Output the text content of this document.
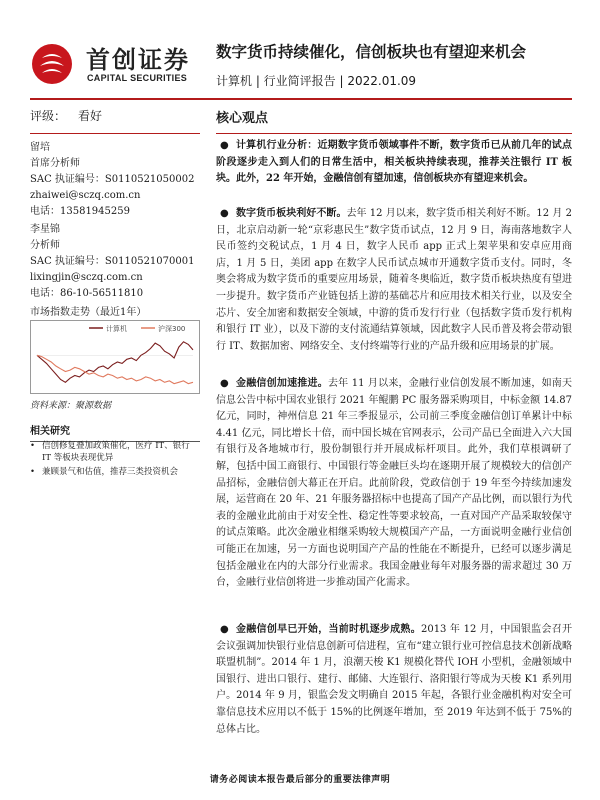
首创证券
CAPITAL SECURITIES
数字货币持续催化，信创板块也有望迎来机会
计算机 | 行业简评报告 | 2022.01.09
评级： 看好	核心观点
留培
首席分析师
SAC 执证编号：S0110521050002
zhaiwei@sczq.com.cn
电话：13581945259
李星锦
分析师
SAC 执证编号：S0110521070001
lixingjin@sczq.com.cn
电话：86-10-56511810
市场指数走势（最近1年）
计算机	沪深300
资料来源：聚源数据
相关研究
• 信创修复叠加政策催化，医疗 IT、银行 IT 等板块表现优异
• 兼顾景气和估值，推荐三类投资机会
● 计算机行业分析：近期数字货币领域事件不断，数字货币已从前几年的试点阶段逐步走入到人们的日常生活中，相关板块持续表现，推荐关注银行 IT 板块。此外，22 年开始，金融信创有望加速，信创板块亦有望迎来机会。
● 数字货币板块利好不断。去年 12 月以来，数字货币相关利好不断。12 月 2 日，北京启动新一轮“京彩惠民生”数字货币试点，12 月 9 日，海南落地数字人民币签约交税试点，1 月 4 日，数字人民币 app 正式上架苹果和安卓应用商店，1 月 5 日，美团 app 在数字人民币试点城市开通数字货币支付。同时，冬奥会将成为数字货币的重要应用场景，随着冬奥临近，数字货币板块热度有望进一步提升。数字货币产业链包括上游的基础芯片和应用技术相关行业，以及安全芯片、安全加密和数据安全领域，中游的货币发行行业（包括数字货币发行机构和银行 IT 业），以及下游的支付流通结算领域，因此数字人民币普及将会带动银行 IT、数据加密、网络安全、支付终端等行业的产品升级和应用场景的扩展。
● 金融信创加速推进。去年 11 月以来，金融行业信创发展不断加速，如南天信息公告中标中国农业银行 2021 年鲲鹏 PC 服务器采购项目，中标金额 14.87 亿元，同时，神州信息 21 年三季报显示，公司前三季度金融信创订单累计中标 4.41 亿元，同比增长十倍，而中国长城在官网表示，公司产品已全面进入六大国有银行及各地城市行，股份制银行并开展成标杆项目。此外，我们草根调研了解，包括中国工商银行、中国银行等金融巨头均在逐期开展了规模较大的信创产品招标，金融信创大幕正在开启。此前阶段，党政信创于 19 年至今持续加速发展，运营商在 20 年、21 年服务器招标中也提高了国产产品比例，而以银行为代表的金融业此前由于对安全性、稳定性等要求较高，一直对国产产品采取较保守的试点策略。此次金融业相继采购较大规模国产产品，一方面说明金融行业信创可能正在加速，另一方面也说明国产产品的性能在不断提升，已经可以逐步满足包括金融业在内的大部分行业需求。我国金融业每年对服务器的需求超过 30 万台，金融行业信创将进一步推动国产化需求。
● 金融信创早已开始，当前时机逐步成熟。2013 年 12 月，中国银监会召开会议强调加快银行业信息创新可信进程，宣布“建立银行业可控信息技术创新战略联盟机制”。2014 年 1 月，浪潮天梭 K1 规模化替代 IOH 小型机，金融领域中国银行、进出口银行、建行、邮储、大连银行、洛阳银行等成为天梭 K1 系列用户。2014 年 9 月，银监会发文明确自 2015 年起，各银行业金融机构对安全可靠信息技术应用以不低于 15%的比例逐年增加，至 2019 年达到不低于 75%的总体占比。
请务必阅读本报告最后部分的重要法律声明
